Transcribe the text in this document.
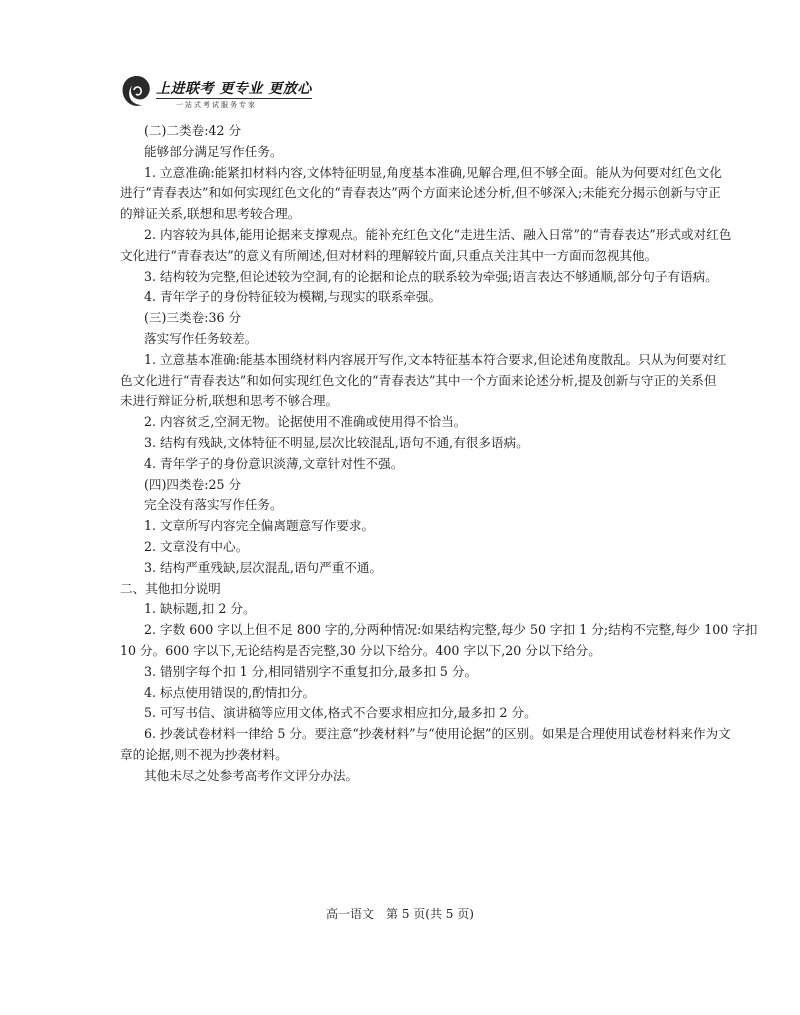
上进联考 更专业 更放心
一站式考试服务专家

(二)二类卷:42 分

能够部分满足写作任务。

1. 立意准确:能紧扣材料内容,文体特征明显,角度基本准确,见解合理,但不够全面。能从为何要对红色文化

进行“青春表达”和如何实现红色文化的“青春表达”两个方面来论述分析,但不够深入;未能充分揭示创新与守正

的辩证关系,联想和思考较合理。

2. 内容较为具体,能用论据来支撑观点。能补充红色文化“走进生活、融入日常”的“青春表达”形式或对红色

文化进行“青春表达”的意义有所阐述,但对材料的理解较片面,只重点关注其中一方面而忽视其他。

3. 结构较为完整,但论述较为空洞,有的论据和论点的联系较为牵强;语言表达不够通顺,部分句子有语病。

4. 青年学子的身份特征较为模糊,与现实的联系牵强。

(三)三类卷:36 分

落实写作任务较差。

1. 立意基本准确:能基本围绕材料内容展开写作,文本特征基本符合要求,但论述角度散乱。只从为何要对红

色文化进行“青春表达”和如何实现红色文化的“青春表达”其中一个方面来论述分析,提及创新与守正的关系但

未进行辩证分析,联想和思考不够合理。

2. 内容贫乏,空洞无物。论据使用不准确或使用得不恰当。

3. 结构有残缺,文体特征不明显,层次比较混乱,语句不通,有很多语病。

4. 青年学子的身份意识淡薄,文章针对性不强。

(四)四类卷:25 分

完全没有落实写作任务。

1. 文章所写内容完全偏离题意写作要求。

2. 文章没有中心。

3. 结构严重残缺,层次混乱,语句严重不通。

二、其他扣分说明

1. 缺标题,扣 2 分。

2. 字数 600 字以上但不足 800 字的,分两种情况:如果结构完整,每少 50 字扣 1 分;结构不完整,每少 100 字扣

10 分。600 字以下,无论结构是否完整,30 分以下给分。400 字以下,20 分以下给分。

3. 错别字每个扣 1 分,相同错别字不重复扣分,最多扣 5 分。

4. 标点使用错误的,酌情扣分。

5. 可写书信、演讲稿等应用文体,格式不合要求相应扣分,最多扣 2 分。

6. 抄袭试卷材料一律给 5 分。要注意“抄袭材料”与“使用论据”的区别。如果是合理使用试卷材料来作为文

章的论据,则不视为抄袭材料。

其他未尽之处参考高考作文评分办法。

高一语文　第 5 页(共 5 页)
